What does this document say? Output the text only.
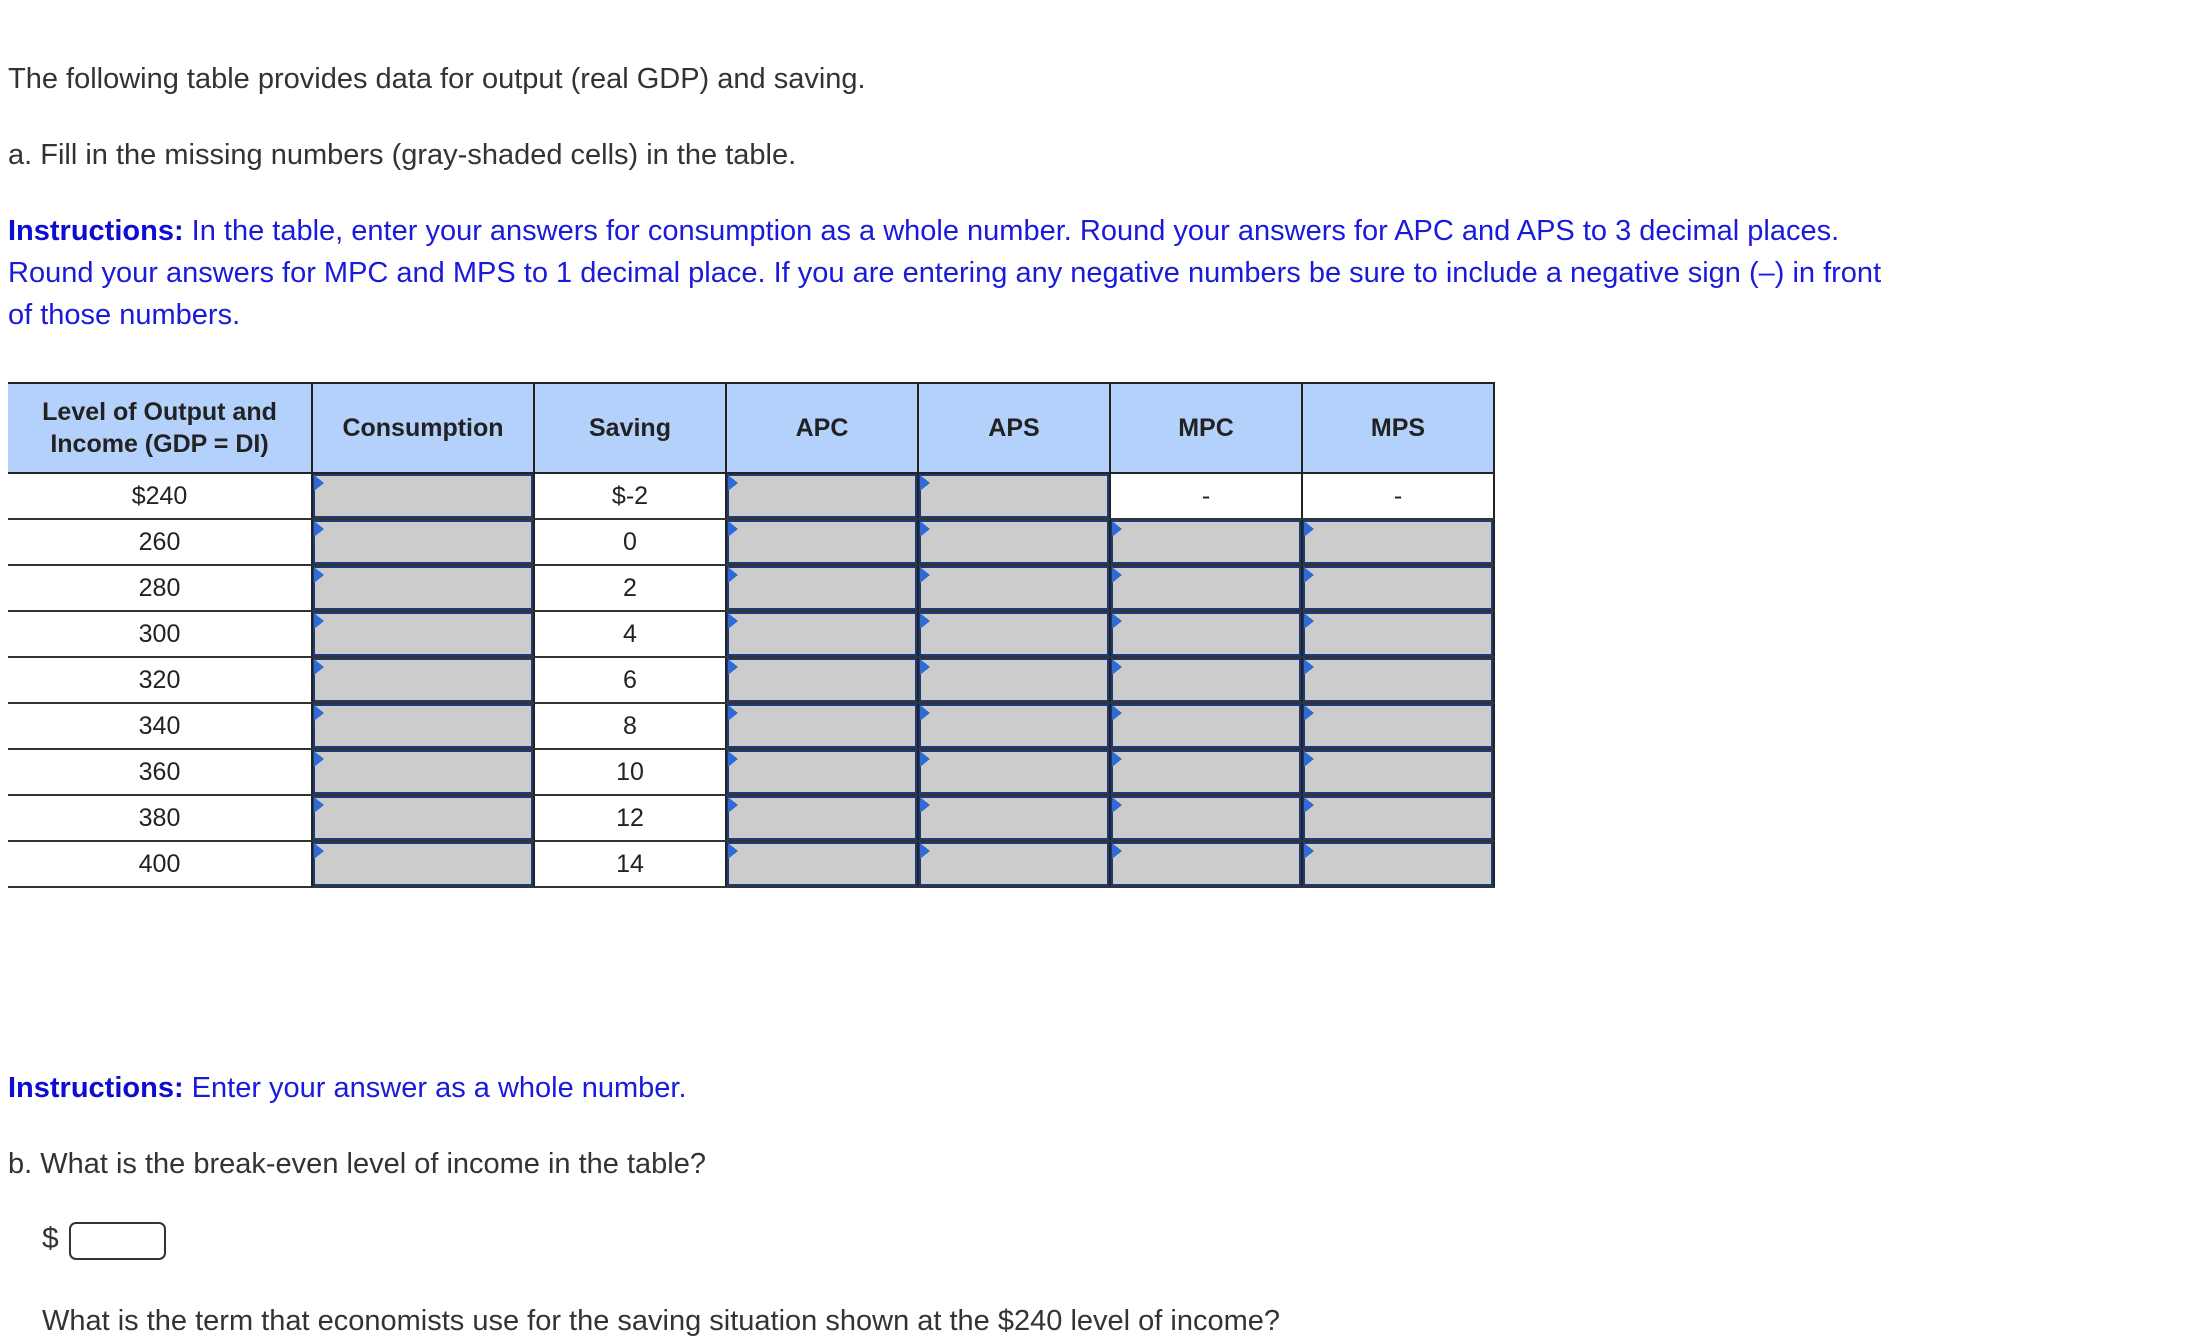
The following table provides data for output (real GDP) and saving.

a. Fill in the missing numbers (gray-shaded cells) in the table.

Instructions: In the table, enter your answers for consumption as a whole number. Round your answers for APC and APS to 3 decimal places. Round your answers for MPC and MPS to 1 decimal place. If you are entering any negative numbers be sure to include a negative sign (–) in front of those numbers.

Instructions: Enter your answer as a whole number.

b. What is the break-even level of income in the table?

Level of Output and Income (GDP = DI)	Consumption	Saving	APC	APS	MPC	MPS
$240		$-2			-	-
260		0	

280		2	

300		4	

320		6	

340		8	

360		10	

380		12	

400		14	

$
What is the term that economists use for the saving situation shown at the $240 level of income?
